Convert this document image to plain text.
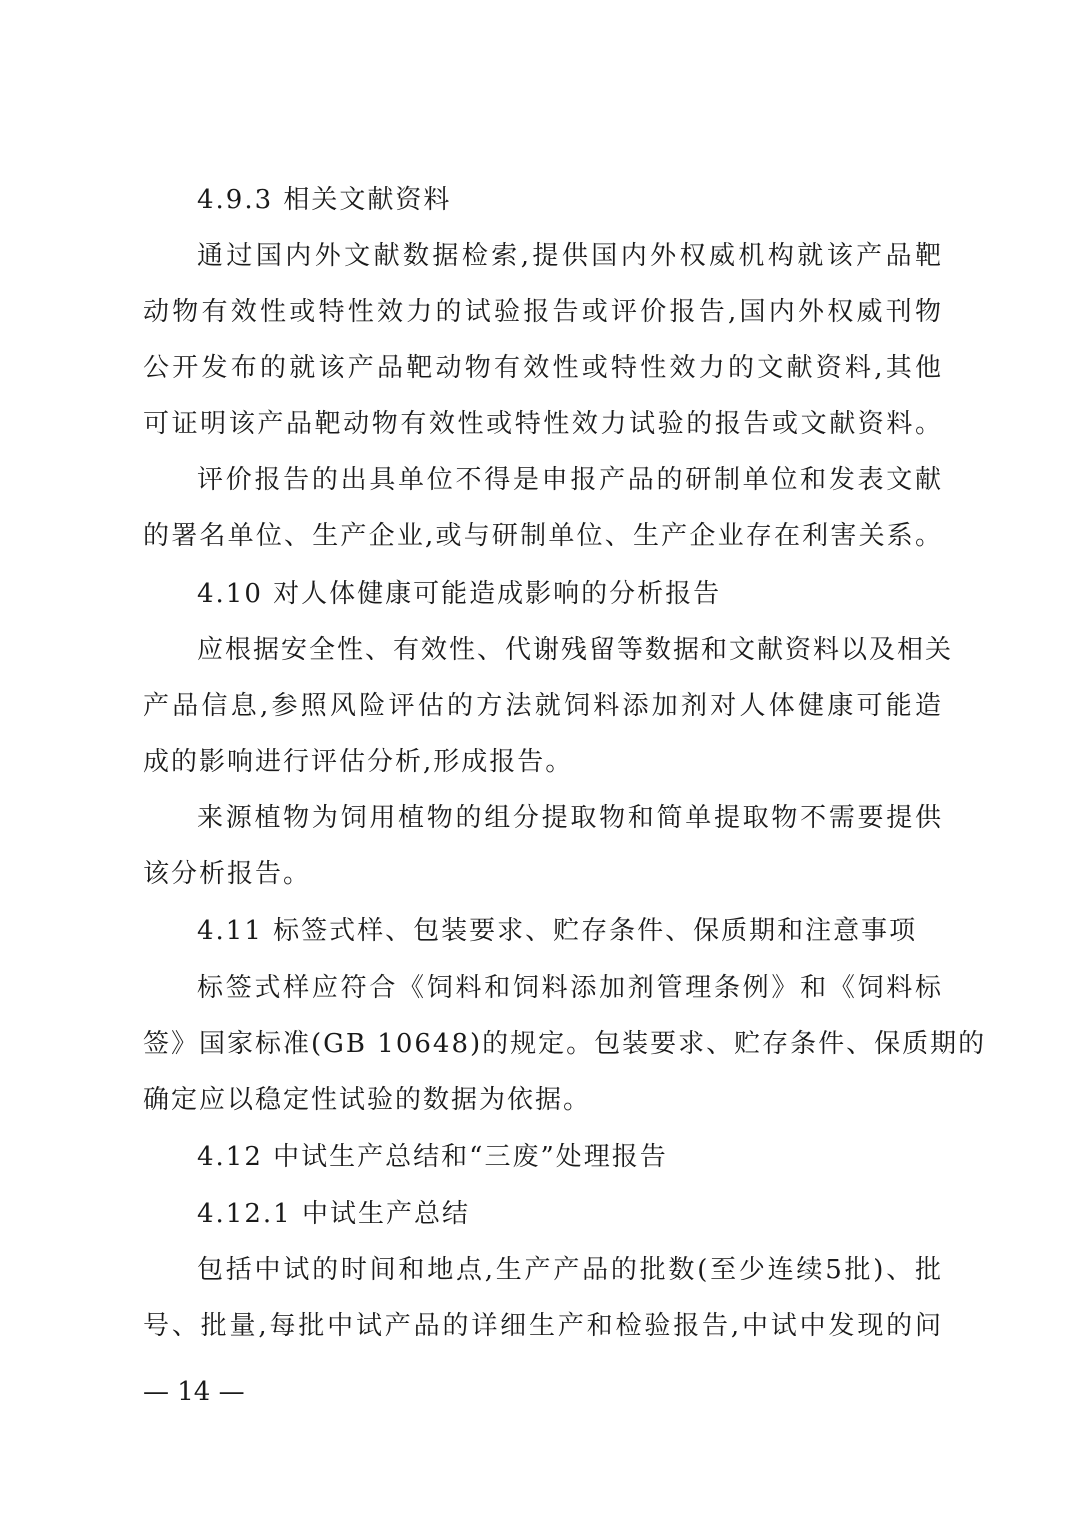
4.9.3 相关文献资料
通过国内外文献数据检索,提供国内外权威机构就该产品靶
动物有效性或特性效力的试验报告或评价报告,国内外权威刊物
公开发布的就该产品靶动物有效性或特性效力的文献资料,其他
可证明该产品靶动物有效性或特性效力试验的报告或文献资料。
评价报告的出具单位不得是申报产品的研制单位和发表文献
的署名单位、生产企业,或与研制单位、生产企业存在利害关系。
4.10 对人体健康可能造成影响的分析报告
应根据安全性、有效性、代谢残留等数据和文献资料以及相关
产品信息,参照风险评估的方法就饲料添加剂对人体健康可能造
成的影响进行评估分析,形成报告。
来源植物为饲用植物的组分提取物和简单提取物不需要提供
该分析报告。
4.11 标签式样、包装要求、贮存条件、保质期和注意事项
标签式样应符合《饲料和饲料添加剂管理条例》和《饲料标
签》国家标准(GB 10648)的规定。包装要求、贮存条件、保质期的
确定应以稳定性试验的数据为依据。
4.12 中试生产总结和“三废”处理报告
4.12.1 中试生产总结
包括中试的时间和地点,生产产品的批数(至少连续5批)、批
号、批量,每批中试产品的详细生产和检验报告,中试中发现的问
— 14 —
